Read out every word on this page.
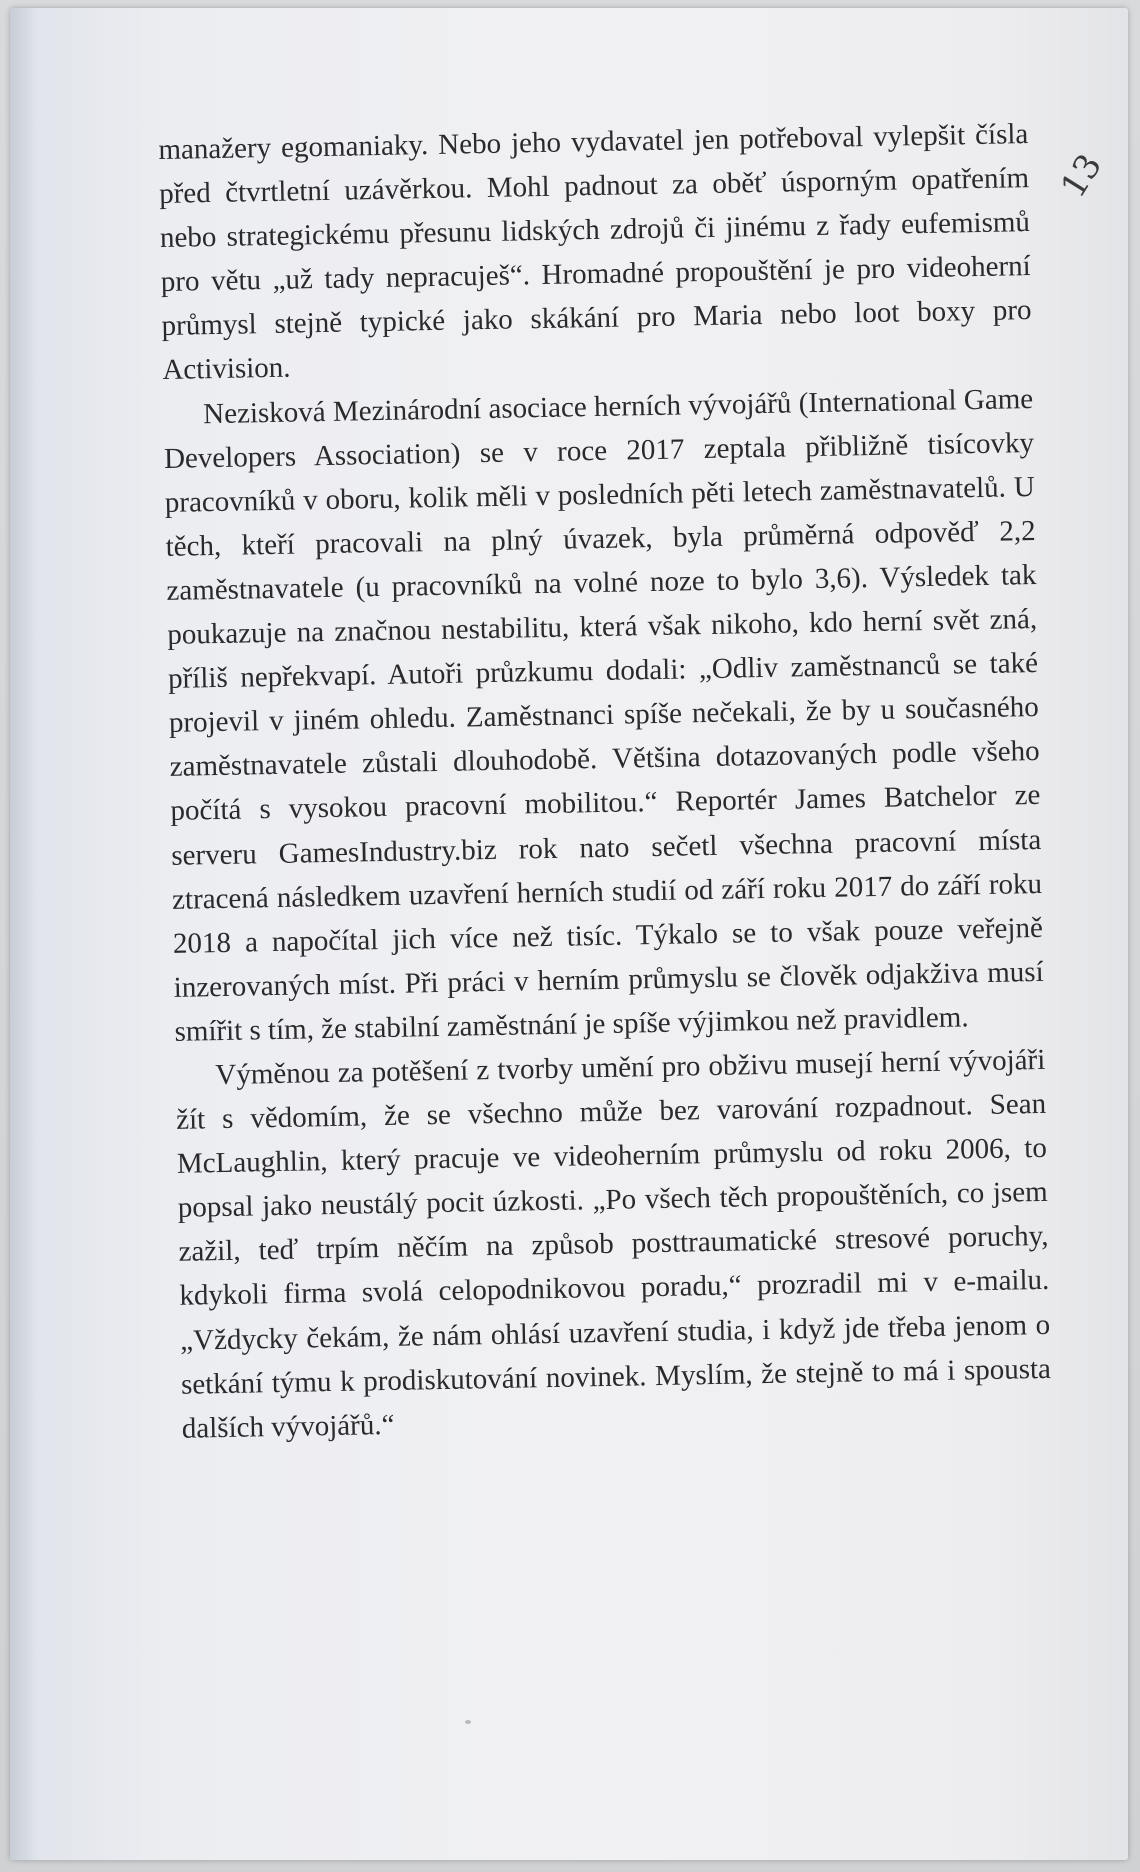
13

manažery egomaniaky. Nebo jeho vydavatel jen potřeboval vylepšit čísla před čtvrtletní uzávěrkou. Mohl padnout za oběť úsporným opatřením nebo strategickému přesunu lidských zdrojů či jinému z řady eufemismů pro větu „už tady nepracuješ“. Hromadné propouštění je pro videoherní průmysl stejně typické jako skákání pro Maria nebo loot boxy pro Activision.

Nezisková Mezinárodní asociace herních vývojářů (International Game Developers Association) se v roce 2017 zeptala přibližně tisícovky pracovníků v oboru, kolik měli v posledních pěti letech zaměstnavatelů. U těch, kteří pracovali na plný úvazek, byla průměrná odpověď 2,2 zaměstnavatele (u pracovníků na volné noze to bylo 3,6). Výsledek tak poukazuje na značnou nestabilitu, která však nikoho, kdo herní svět zná, příliš nepřekvapí. Autoři průzkumu dodali: „Odliv zaměstnanců se také projevil v jiném ohledu. Zaměstnanci spíše nečekali, že by u současného zaměstnavatele zůstali dlouhodobě. Většina dotazovaných podle všeho počítá s vysokou pracovní mobilitou.“ Reportér James Batchelor ze serveru GamesIndustry.biz rok nato sečetl všechna pracovní místa ztracená následkem uzavření herních studií od září roku 2017 do září roku 2018 a napočítal jich více než tisíc. Týkalo se to však pouze veřejně inzerovaných míst. Při práci v herním průmyslu se člověk odjakživa musí smířit s tím, že stabilní zaměstnání je spíše výjimkou než pravidlem.

Výměnou za potěšení z tvorby umění pro obživu musejí herní vývojáři žít s vědomím, že se všechno může bez varování rozpadnout. Sean McLaughlin, který pracuje ve videoherním průmyslu od roku 2006, to popsal jako neustálý pocit úzkosti. „Po všech těch propouštěních, co jsem zažil, teď trpím něčím na způsob posttraumatické stresové poruchy, kdykoli firma svolá celopodnikovou poradu,“ prozradil mi v e-mailu. „Vždycky čekám, že nám ohlásí uzavření studia, i když jde třeba jenom o setkání týmu k prodiskutování novinek. Myslím, že stejně to má i spousta dalších vývojářů.“
